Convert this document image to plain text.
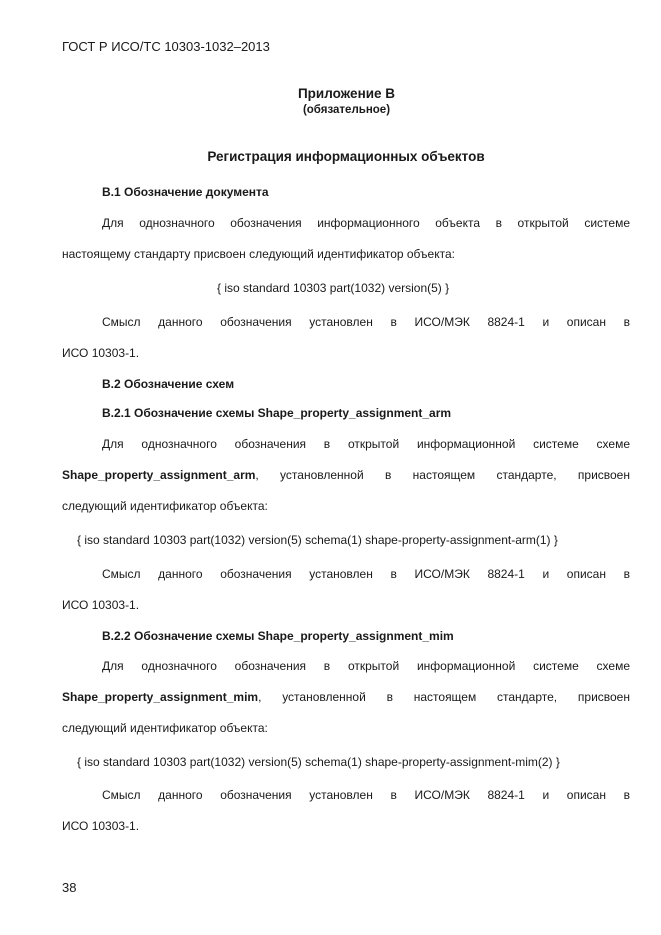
ГОСТ Р ИСО/ТС 10303-1032–2013
Приложение В
(обязательное)
Регистрация информационных объектов
В.1 Обозначение документа
Для однозначного обозначения информационного объекта в открытой системе
настоящему стандарту присвоен следующий идентификатор объекта:
{ iso standard 10303 part(1032) version(5) }
Смысл данного обозначения установлен в ИСО/МЭК 8824-1 и описан в
ИСО 10303-1.
В.2 Обозначение схем
В.2.1 Обозначение схемы Shape_property_assignment_arm
Для однозначного обозначения в открытой информационной системе схеме
Shape_property_assignment_arm, установленной в настоящем стандарте, присвоен
следующий идентификатор объекта:
{ iso standard 10303 part(1032) version(5) schema(1) shape-property-assignment-arm(1) }
Смысл данного обозначения установлен в ИСО/МЭК 8824-1 и описан в
ИСО 10303-1.
В.2.2 Обозначение схемы Shape_property_assignment_mim
Для однозначного обозначения в открытой информационной системе схеме
Shape_property_assignment_mim, установленной в настоящем стандарте, присвоен
следующий идентификатор объекта:
{ iso standard 10303 part(1032) version(5) schema(1) shape-property-assignment-mim(2) }
Смысл данного обозначения установлен в ИСО/МЭК 8824-1 и описан в
ИСО 10303-1.
38
